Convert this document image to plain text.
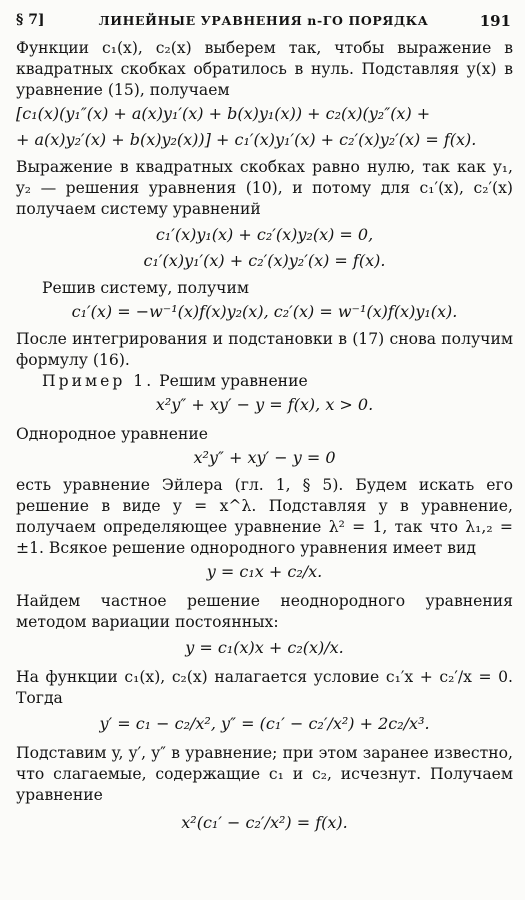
§ 7]	ЛИНЕЙНЫЕ УРАВНЕНИЯ n-ГО ПОРЯДКА	191

Функции c₁(x), c₂(x) выберем так, чтобы выражение в квадратных скобках обратилось в нуль. Подставляя y(x) в уравнение (15), получаем

[c₁(x)(y₁″(x) + a(x)y₁′(x) + b(x)y₁(x)) + c₂(x)(y₂″(x) +
+ a(x)y₂′(x) + b(x)y₂(x))] + c₁′(x)y₁′(x) + c₂′(x)y₂′(x) = f(x).

Выражение в квадратных скобках равно нулю, так как y₁, y₂ — решения уравнения (10), и потому для c₁′(x), c₂′(x) получаем систему уравнений

c₁′(x)y₁(x) + c₂′(x)y₂(x) = 0,
c₁′(x)y₁′(x) + c₂′(x)y₂′(x) = f(x).

Решив систему, получим

c₁′(x) = −w⁻¹(x)f(x)y₂(x), c₂′(x) = w⁻¹(x)f(x)y₁(x).

После интегрирования и подстановки в (17) снова получим формулу (16).

Пример 1. Решим уравнение

x²y″ + xy′ − y = f(x), x > 0.

Однородное уравнение

x²y″ + xy′ − y = 0

есть уравнение Эйлера (гл. 1, § 5). Будем искать его решение в виде y = x^λ. Подставляя y в уравнение, получаем определяющее уравнение λ² = 1, так что λ₁,₂ = ±1. Всякое решение однородного уравнения имеет вид

y = c₁x + c₂/x.

Найдем частное решение неоднородного уравнения методом вариации постоянных:

y = c₁(x)x + c₂(x)/x.

На функции c₁(x), c₂(x) налагается условие c₁′x + c₂′/x = 0. Тогда

y′ = c₁ − c₂/x², y″ = (c₁′ − c₂′/x²) + 2c₂/x³.

Подставим y, y′, y″ в уравнение; при этом заранее известно, что слагаемые, содержащие c₁ и c₂, исчезнут. Получаем уравнение

x²(c₁′ − c₂′/x²) = f(x).
